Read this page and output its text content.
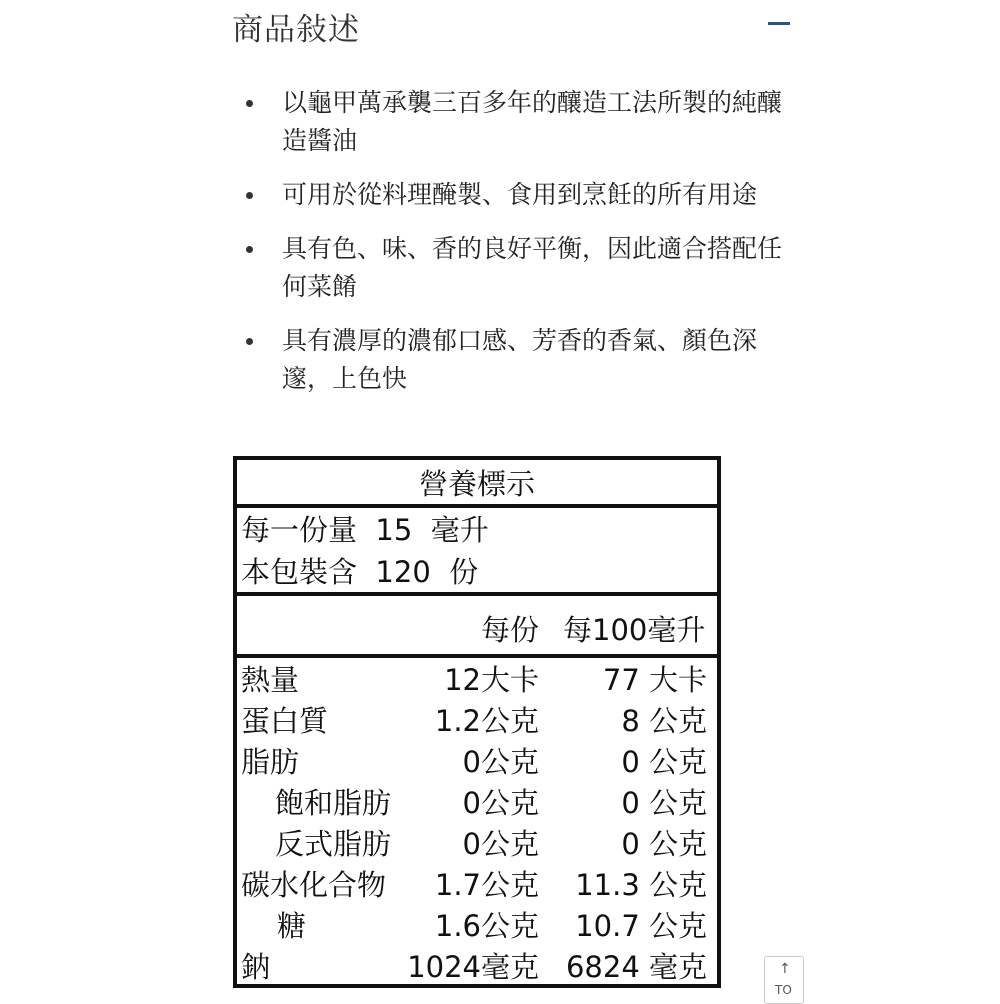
商品敍述
以龜甲萬承襲三百多年的釀造工法所製的純釀造醬油
可用於從料理醃製、食用到烹飪的所有用途
具有色、味、香的良好平衡，因此適合搭配任何菜餚
具有濃厚的濃郁口感、芳香的香氣、顏色深邃，上色快
營養標示
每一份量  15  毫升
本包裝含  120  份
每份 每100毫升
熱量	12大卡 77 大卡
蛋白質	1.2公克	8 公克
脂肪	0公克	0 公克
飽和脂肪 0公克	0 公克
反式脂肪 0公克	0 公克
碳水化合物 1.7公克 11.3 公克
糖	1.6公克 10.7 公克
鈉	1024毫克 6824 毫克	↑
TO
